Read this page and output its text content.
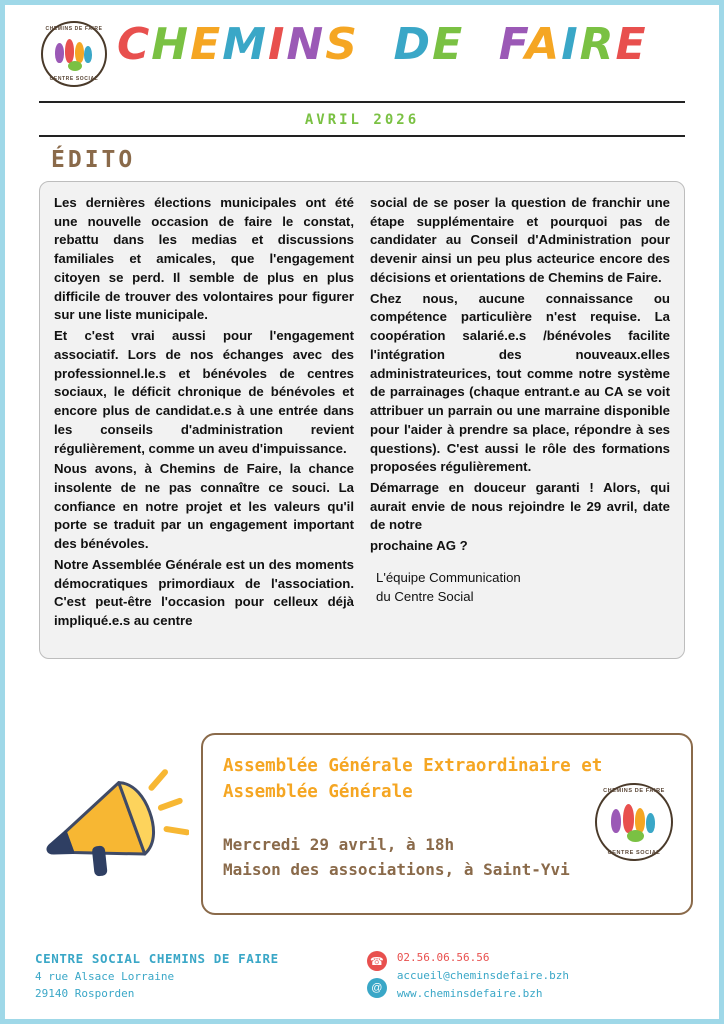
CHEMINS DE FAIRE
CENTRE SOCIAL
CHEMINS DE FAIRE
AVRIL 2026
ÉDITO

Les dernières élections municipales ont été une nouvelle occasion de faire le constat, rebattu dans les medias et discussions familiales et amicales, que l'engagement citoyen se perd. Il semble de plus en plus difficile de trouver des volontaires pour figurer sur une liste municipale.

Et c'est vrai aussi pour l'engagement associatif. Lors de nos échanges avec des professionnel.le.s et bénévoles de centres sociaux, le déficit chronique de bénévoles et encore plus de candidat.e.s à une entrée dans les conseils d'administration revient régulièrement, comme un aveu d'impuissance.

Nous avons, à Chemins de Faire, la chance insolente de ne pas connaître ce souci. La confiance en notre projet et les valeurs qu'il porte se traduit par un engagement important des bénévoles.

Notre Assemblée Générale est un des moments démocratiques primordiaux de l'association. C'est peut-être l'occasion pour celleux déjà impliqué.e.s au centre

social de se poser la question de franchir une étape supplémentaire et pourquoi pas de candidater au Conseil d'Administration pour devenir ainsi un peu plus acteurice encore des décisions et orientations de Chemins de Faire.

Chez nous, aucune connaissance ou compétence particulière n'est requise. La coopération salarié.e.s /bénévoles facilite l'intégration des nouveaux.elles administrateurices, tout comme notre système de parrainages (chaque entrant.e au CA se voit attribuer un parrain ou une marraine disponible pour l'aider à prendre sa place, répondre à ses questions). C'est aussi le rôle des formations proposées régulièrement.

Démarrage en douceur garanti ! Alors, qui aurait envie de nous rejoindre le 29 avril, date de notre

prochaine AG ?

L'équipe Communication
du Centre Social
Assemblée Générale Extraordinaire et
Assemblée Générale
Mercredi 29 avril, à 18h
Maison des associations, à Saint-Yvi
CHEMINS DE FAIRE
CENTRE SOCIAL
CENTRE SOCIAL CHEMINS DE FAIRE
4 rue Alsace Lorraine
29140 Rosporden
☎
@
02.56.06.56.56
accueil@cheminsdefaire.bzh
www.cheminsdefaire.bzh
